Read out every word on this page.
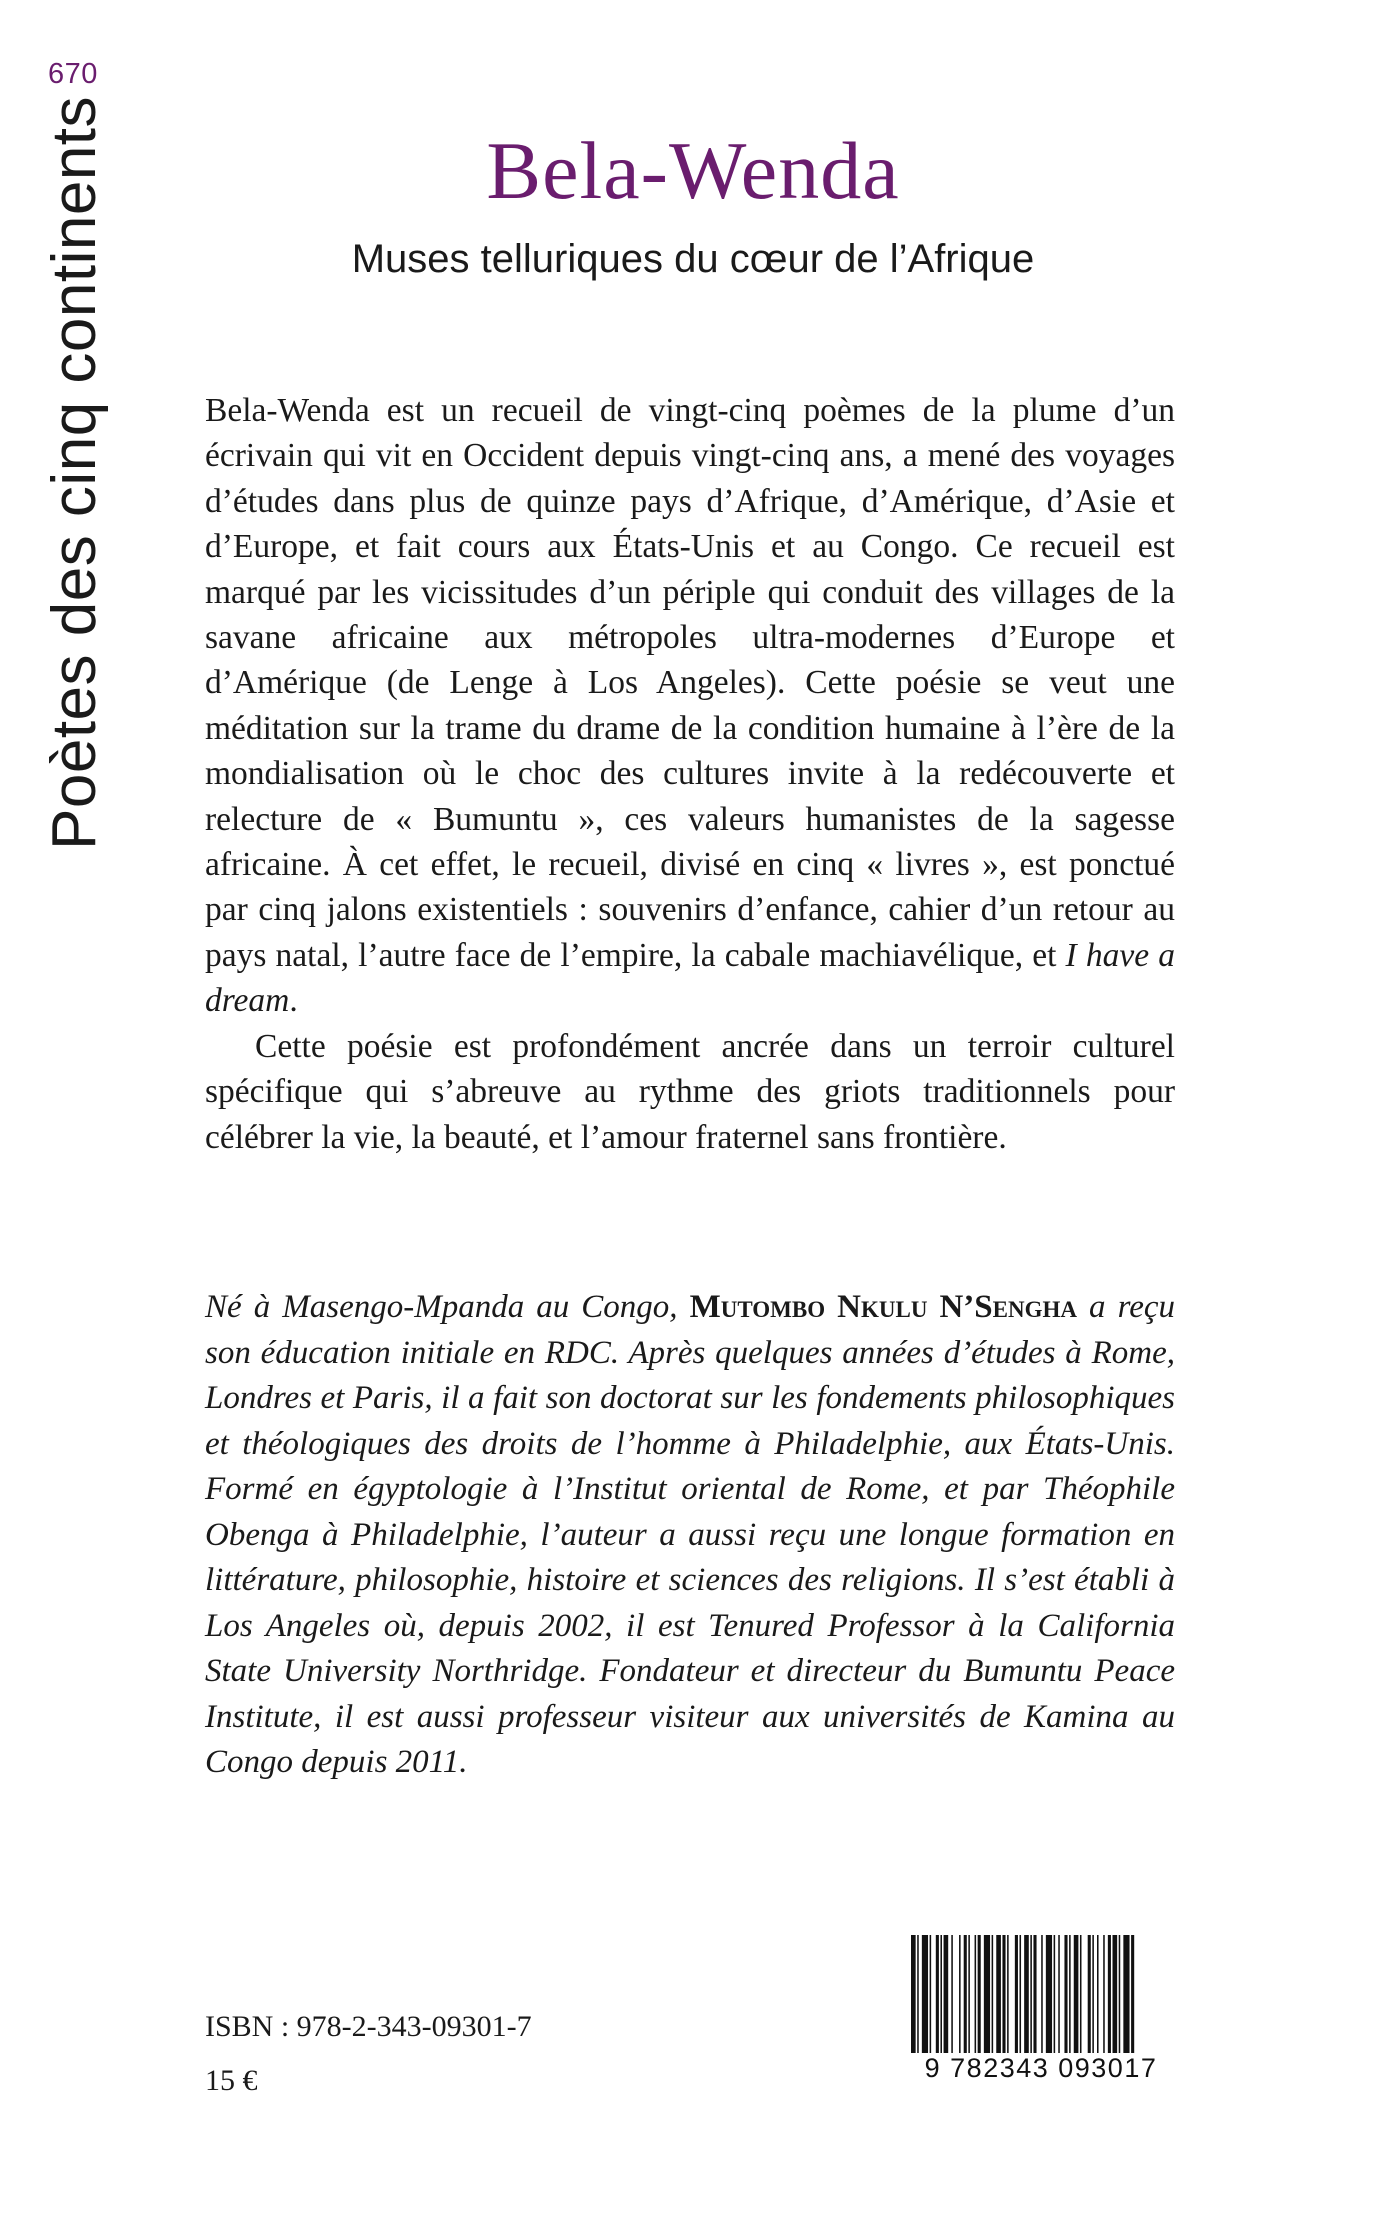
670
Poètes des cinq continents	Bela-Wenda
Muses telluriques du cœur de l’Afrique

Bela-Wenda est un recueil de vingt-cinq poèmes de la plume d’un écrivain qui vit en Occident depuis vingt-cinq ans, a mené des voyages d’études dans plus de quinze pays d’Afrique, d’Amérique, d’Asie et d’Europe, et fait cours aux États-Unis et au Congo. Ce recueil est marqué par les vicissitudes d’un périple qui conduit des villages de la savane africaine aux métropoles ultra-modernes d’Europe et d’Amérique (de Lenge à Los Angeles). Cette poésie se veut une méditation sur la trame du drame de la condition humaine à l’ère de la mondialisation où le choc des cultures invite à la redécouverte et relecture de « Bumuntu », ces valeurs humanistes de la sagesse africaine. À cet effet, le recueil, divisé en cinq « livres », est ponctué par cinq jalons existentiels : souvenirs d’enfance, cahier d’un retour au pays natal, l’autre face de l’empire, la cabale machiavélique, et I have a dream.

Cette poésie est profondément ancrée dans un terroir culturel spécifique qui s’abreuve au rythme des griots traditionnels pour célébrer la vie, la beauté, et l’amour fraternel sans frontière.

Né à Masengo-Mpanda au Congo, Mutombo Nkulu N’Sengha a reçu son éducation initiale en RDC. Après quelques années d’études à Rome, Londres et Paris, il a fait son doctorat sur les fondements philosophiques et théologiques des droits de l’homme à Philadelphie, aux États-Unis. Formé en égyptologie à l’Institut oriental de Rome, et par Théophile Obenga à Philadelphie, l’auteur a aussi reçu une longue formation en littérature, philosophie, histoire et sciences des religions. Il s’est établi à Los Angeles où, depuis 2002, il est Tenured Professor à la California State University Northridge. Fondateur et directeur du Bumuntu Peace Institute, il est aussi professeur visiteur aux universités de Kamina au Congo depuis 2011.

ISBN : 978-2-343-09301-7
15 €	9 782343 093017
